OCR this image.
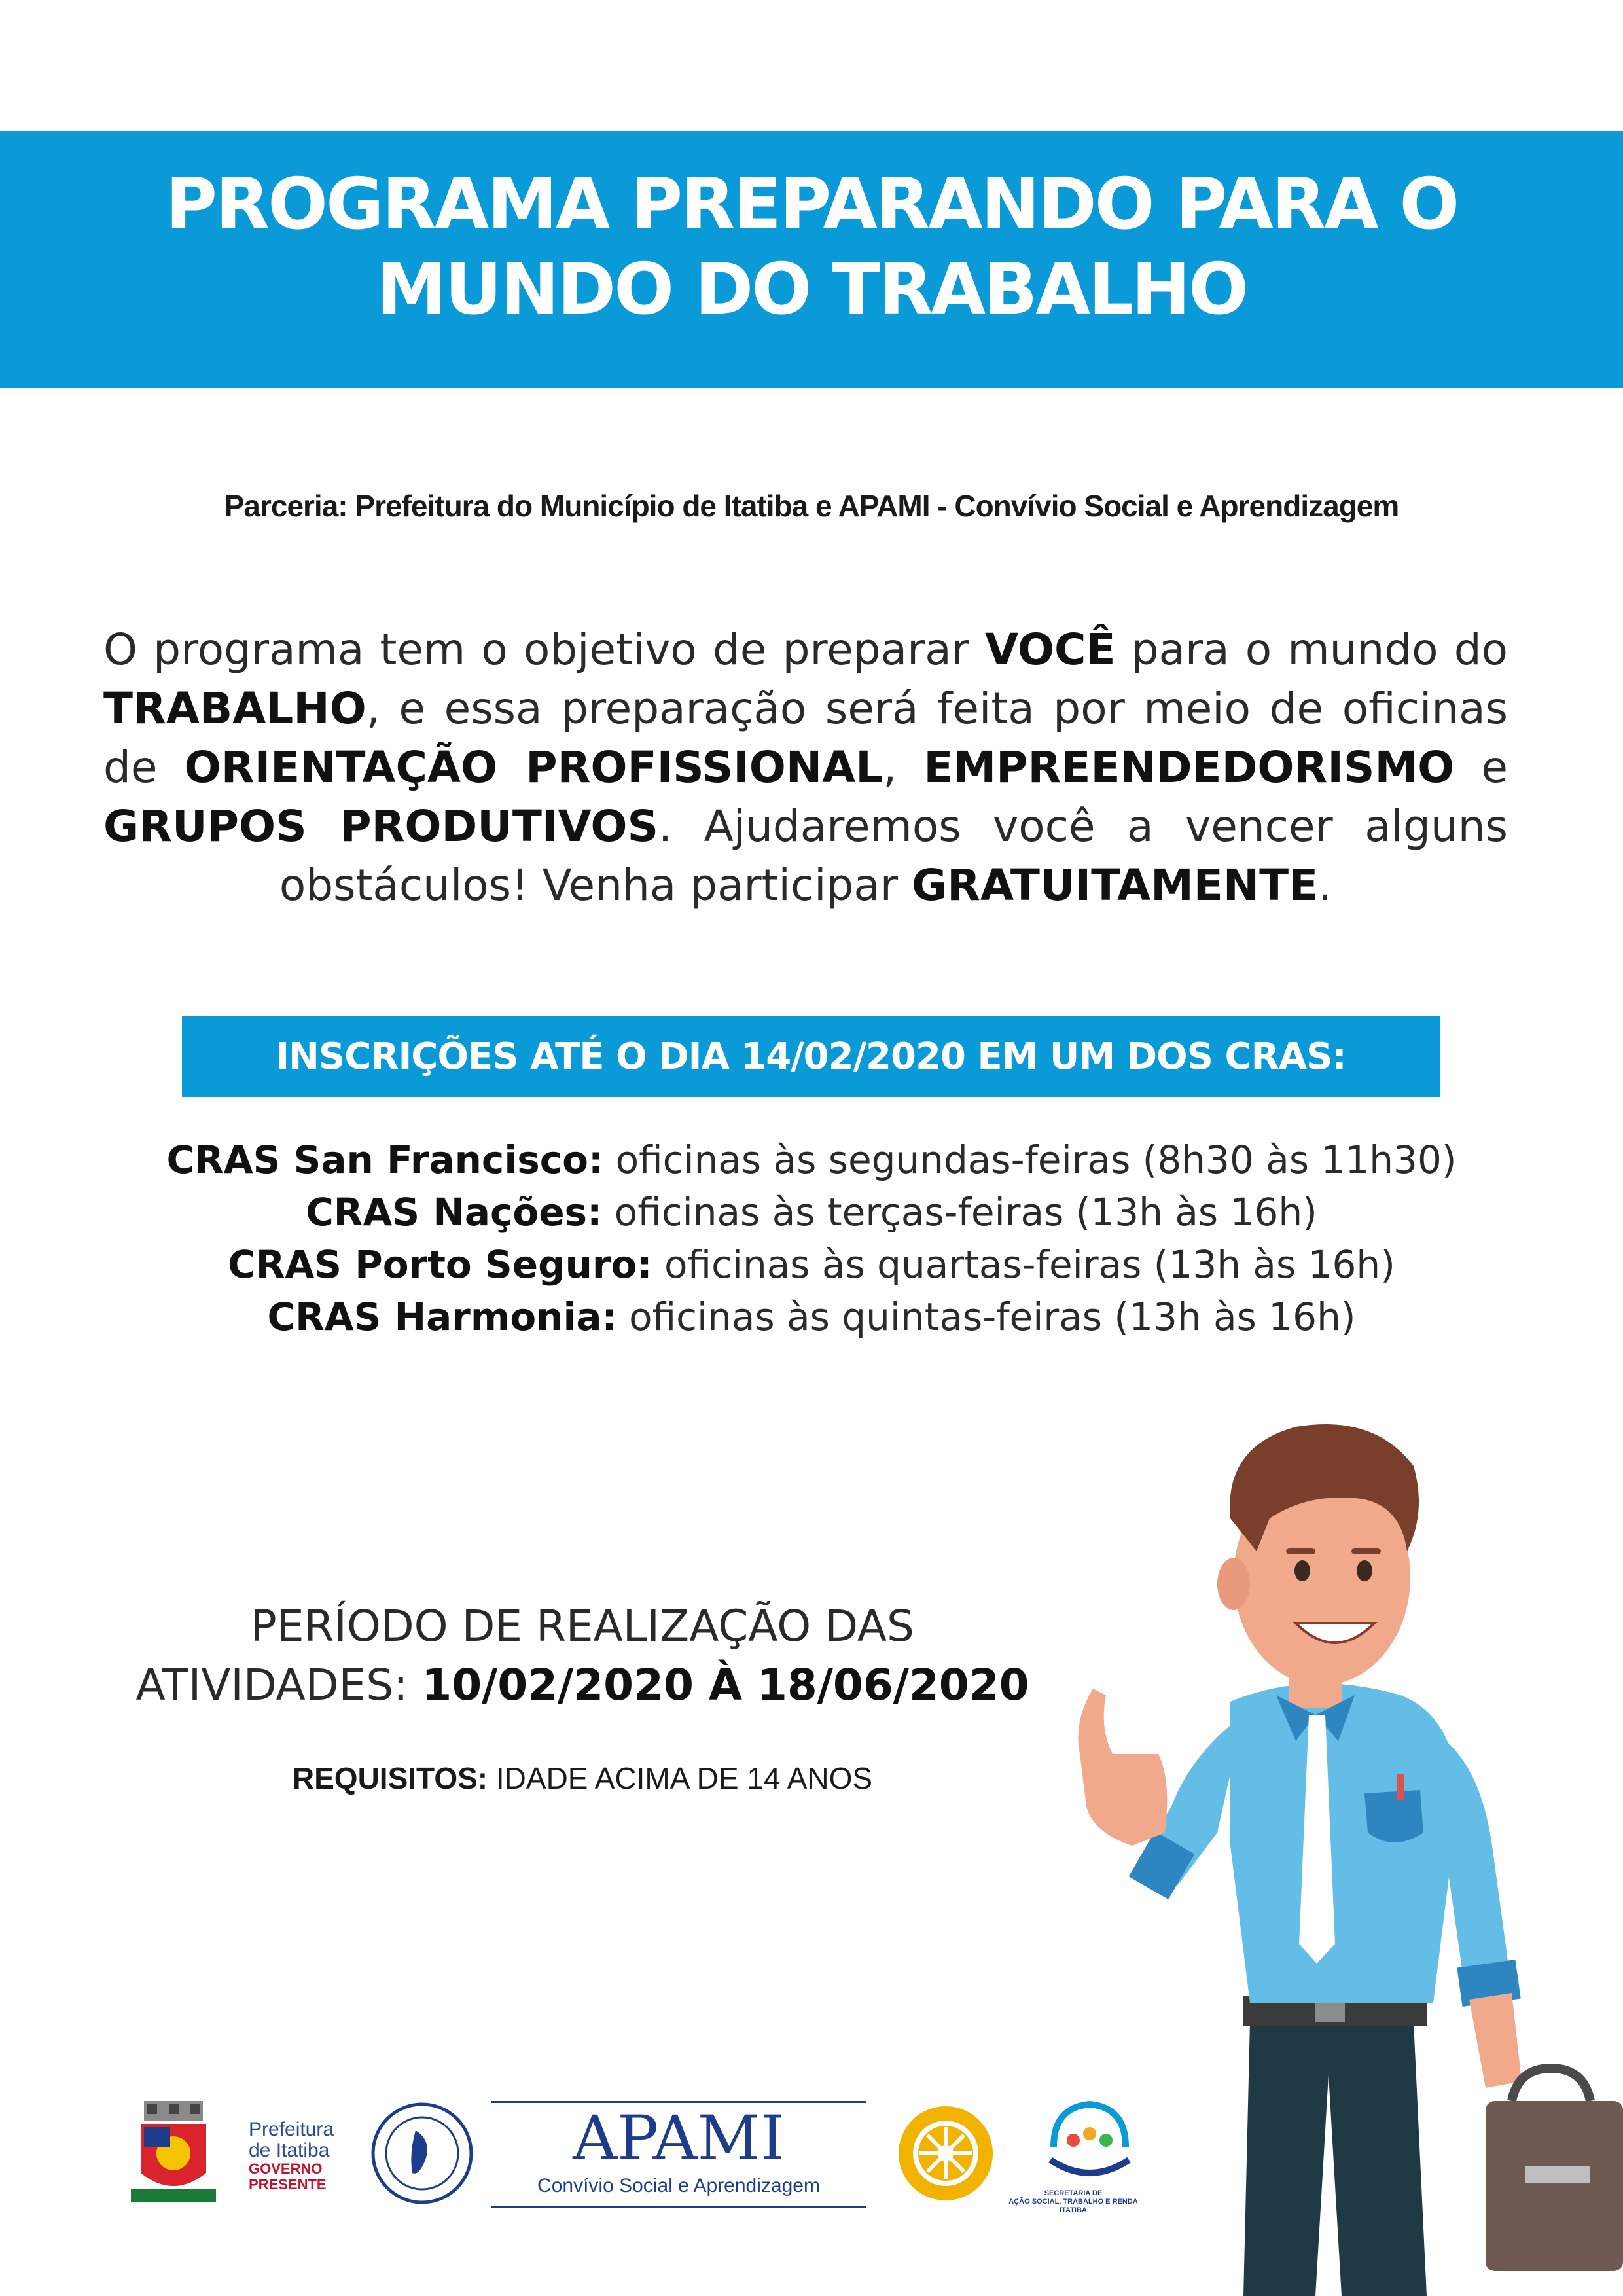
PROGRAMA PREPARANDO PARA O
MUNDO DO TRABALHO
Parceria: Prefeitura do Município de Itatiba e APAMI - Convívio Social e Aprendizagem

O programa tem o objetivo de preparar VOCÊ para o mundo do TRABALHO, e essa preparação será feita por meio de oficinas de ORIENTAÇÃO PROFISSIONAL, EMPREENDEDORISMO e GRUPOS PRODUTIVOS. Ajudaremos você a vencer alguns obstáculos! Venha participar GRATUITAMENTE.

INSCRIÇÕES ATÉ O DIA 14/02/2020 EM UM DOS CRAS:
CRAS San Francisco: oficinas às segundas-feiras (8h30 às 11h30)
CRAS Nações: oficinas às terças-feiras (13h às 16h)
CRAS Porto Seguro: oficinas às quartas-feiras (13h às 16h)
CRAS Harmonia: oficinas às quintas-feiras (13h às 16h)

PERÍODO DE REALIZAÇÃO DAS
ATIVIDADES: 10/02/2020 À 18/06/2020

REQUISITOS: IDADE ACIMA DE 14 ANOS
Prefeitura
de Itatiba
GOVERNO
PRESENTE
APAMI
Convívio Social e Aprendizagem	SECRETARIA DE
AÇÃO SOCIAL, TRABALHO E RENDA
ITATIBA
